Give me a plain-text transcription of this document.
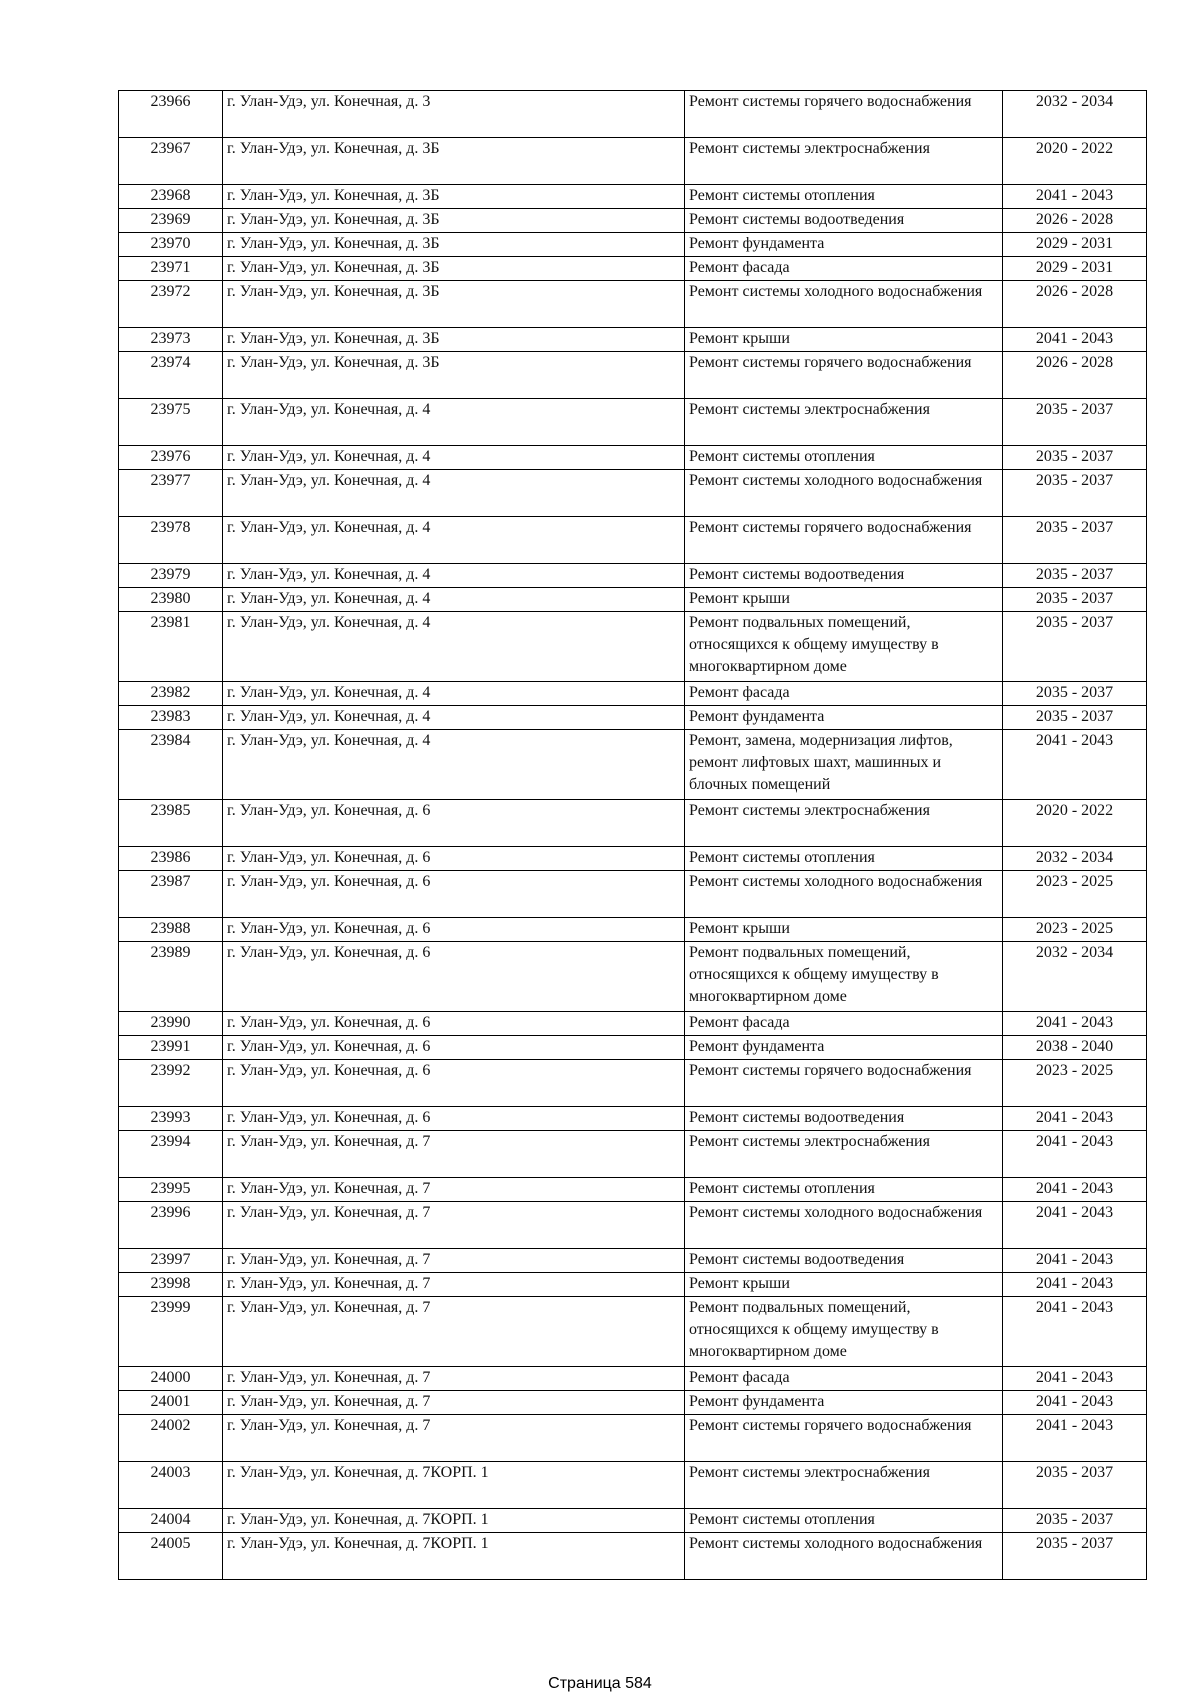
23966	г. Улан-Удэ, ул. Конечная, д. 3	Ремонт системы горячего водоснабжения	2032 - 2034
23967	г. Улан-Удэ, ул. Конечная, д. 3Б	Ремонт системы электроснабжения	2020 - 2022
23968	г. Улан-Удэ, ул. Конечная, д. 3Б	Ремонт системы отопления	2041 - 2043
23969	г. Улан-Удэ, ул. Конечная, д. 3Б	Ремонт системы водоотведения	2026 - 2028
23970	г. Улан-Удэ, ул. Конечная, д. 3Б	Ремонт фундамента	2029 - 2031
23971	г. Улан-Удэ, ул. Конечная, д. 3Б	Ремонт фасада	2029 - 2031
23972	г. Улан-Удэ, ул. Конечная, д. 3Б	Ремонт системы холодного водоснабжения	2026 - 2028
23973	г. Улан-Удэ, ул. Конечная, д. 3Б	Ремонт крыши	2041 - 2043
23974	г. Улан-Удэ, ул. Конечная, д. 3Б	Ремонт системы горячего водоснабжения	2026 - 2028
23975	г. Улан-Удэ, ул. Конечная, д. 4	Ремонт системы электроснабжения	2035 - 2037
23976	г. Улан-Удэ, ул. Конечная, д. 4	Ремонт системы отопления	2035 - 2037
23977	г. Улан-Удэ, ул. Конечная, д. 4	Ремонт системы холодного водоснабжения	2035 - 2037
23978	г. Улан-Удэ, ул. Конечная, д. 4	Ремонт системы горячего водоснабжения	2035 - 2037
23979	г. Улан-Удэ, ул. Конечная, д. 4	Ремонт системы водоотведения	2035 - 2037
23980	г. Улан-Удэ, ул. Конечная, д. 4	Ремонт крыши	2035 - 2037
23981	г. Улан-Удэ, ул. Конечная, д. 4	Ремонт подвальных помещений, относящихся к общему имуществу в многоквартирном доме	2035 - 2037
23982	г. Улан-Удэ, ул. Конечная, д. 4	Ремонт фасада	2035 - 2037
23983	г. Улан-Удэ, ул. Конечная, д. 4	Ремонт фундамента	2035 - 2037
23984	г. Улан-Удэ, ул. Конечная, д. 4	Ремонт, замена, модернизация лифтов, ремонт лифтовых шахт, машинных и блочных помещений	2041 - 2043
23985	г. Улан-Удэ, ул. Конечная, д. 6	Ремонт системы электроснабжения	2020 - 2022
23986	г. Улан-Удэ, ул. Конечная, д. 6	Ремонт системы отопления	2032 - 2034
23987	г. Улан-Удэ, ул. Конечная, д. 6	Ремонт системы холодного водоснабжения	2023 - 2025
23988	г. Улан-Удэ, ул. Конечная, д. 6	Ремонт крыши	2023 - 2025
23989	г. Улан-Удэ, ул. Конечная, д. 6	Ремонт подвальных помещений, относящихся к общему имуществу в многоквартирном доме	2032 - 2034
23990	г. Улан-Удэ, ул. Конечная, д. 6	Ремонт фасада	2041 - 2043
23991	г. Улан-Удэ, ул. Конечная, д. 6	Ремонт фундамента	2038 - 2040
23992	г. Улан-Удэ, ул. Конечная, д. 6	Ремонт системы горячего водоснабжения	2023 - 2025
23993	г. Улан-Удэ, ул. Конечная, д. 6	Ремонт системы водоотведения	2041 - 2043
23994	г. Улан-Удэ, ул. Конечная, д. 7	Ремонт системы электроснабжения	2041 - 2043
23995	г. Улан-Удэ, ул. Конечная, д. 7	Ремонт системы отопления	2041 - 2043
23996	г. Улан-Удэ, ул. Конечная, д. 7	Ремонт системы холодного водоснабжения	2041 - 2043
23997	г. Улан-Удэ, ул. Конечная, д. 7	Ремонт системы водоотведения	2041 - 2043
23998	г. Улан-Удэ, ул. Конечная, д. 7	Ремонт крыши	2041 - 2043
23999	г. Улан-Удэ, ул. Конечная, д. 7	Ремонт подвальных помещений, относящихся к общему имуществу в многоквартирном доме	2041 - 2043
24000	г. Улан-Удэ, ул. Конечная, д. 7	Ремонт фасада	2041 - 2043
24001	г. Улан-Удэ, ул. Конечная, д. 7	Ремонт фундамента	2041 - 2043
24002	г. Улан-Удэ, ул. Конечная, д. 7	Ремонт системы горячего водоснабжения	2041 - 2043
24003	г. Улан-Удэ, ул. Конечная, д. 7КОРП. 1	Ремонт системы электроснабжения	2035 - 2037
24004	г. Улан-Удэ, ул. Конечная, д. 7КОРП. 1	Ремонт системы отопления	2035 - 2037
24005	г. Улан-Удэ, ул. Конечная, д. 7КОРП. 1	Ремонт системы холодного водоснабжения	2035 - 2037
Страница 584
